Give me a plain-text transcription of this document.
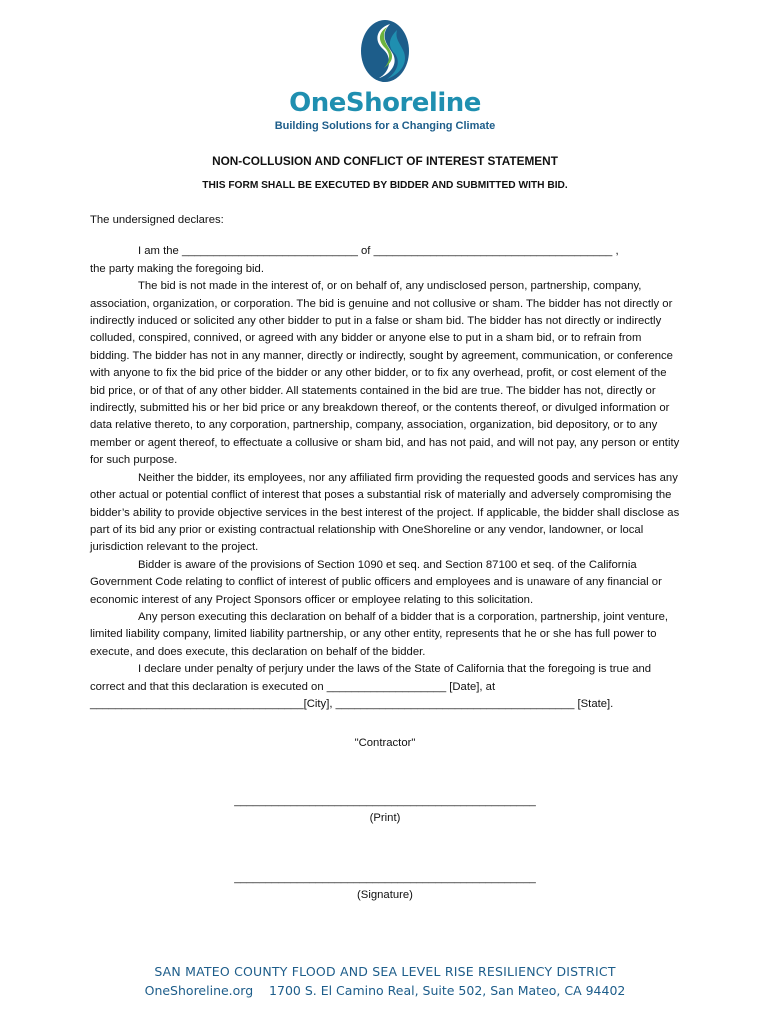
OneShoreline
Building Solutions for a Changing Climate
NON-COLLUSION AND CONFLICT OF INTEREST STATEMENT
THIS FORM SHALL BE EXECUTED BY BIDDER AND SUBMITTED WITH BID.
The undersigned declares:

I am the ____________________________ of ______________________________________ ,

the party making the foregoing bid.

The bid is not made in the interest of, or on behalf of, any undisclosed person, partnership, company, association, organization, or corporation. The bid is genuine and not collusive or sham. The bidder has not directly or indirectly induced or solicited any other bidder to put in a false or sham bid. The bidder has not directly or indirectly colluded, conspired, connived, or agreed with any bidder or anyone else to put in a sham bid, or to refrain from bidding. The bidder has not in any manner, directly or indirectly, sought by agreement, communication, or conference with anyone to fix the bid price of the bidder or any other bidder, or to fix any overhead, profit, or cost element of the bid price, or of that of any other bidder. All statements contained in the bid are true. The bidder has not, directly or indirectly, submitted his or her bid price or any breakdown thereof, or the contents thereof, or divulged information or data relative thereto, to any corporation, partnership, company, association, organization, bid depository, or to any member or agent thereof, to effectuate a collusive or sham bid, and has not paid, and will not pay, any person or entity for such purpose.

Neither the bidder, its employees, nor any affiliated firm providing the requested goods and services has any other actual or potential conflict of interest that poses a substantial risk of materially and adversely compromising the bidder’s ability to provide objective services in the best interest of the project. If applicable, the bidder shall disclose as part of its bid any prior or existing contractual relationship with OneShoreline or any vendor, landowner, or local jurisdiction relevant to the project.

Bidder is aware of the provisions of Section 1090 et seq. and Section 87100 et seq. of the California Government Code relating to conflict of interest of public officers and employees and is unaware of any financial or economic interest of any Project Sponsors officer or employee relating to this solicitation.

Any person executing this declaration on behalf of a bidder that is a corporation, partnership, joint venture, limited liability company, limited liability partnership, or any other entity, represents that he or she has full power to execute, and does execute, this declaration on behalf of the bidder.

I declare under penalty of perjury under the laws of the State of California that the foregoing is true and correct and that this declaration is executed on ___________________ [Date], at __________________________________[City], ______________________________________ [State].

"Contractor"
________________________________________________
(Print)
________________________________________________
(Signature)
SAN MATEO COUNTY FLOOD AND SEA LEVEL RISE RESILIENCY DISTRICT
OneShoreline.org    1700 S. El Camino Real, Suite 502, San Mateo, CA 94402
